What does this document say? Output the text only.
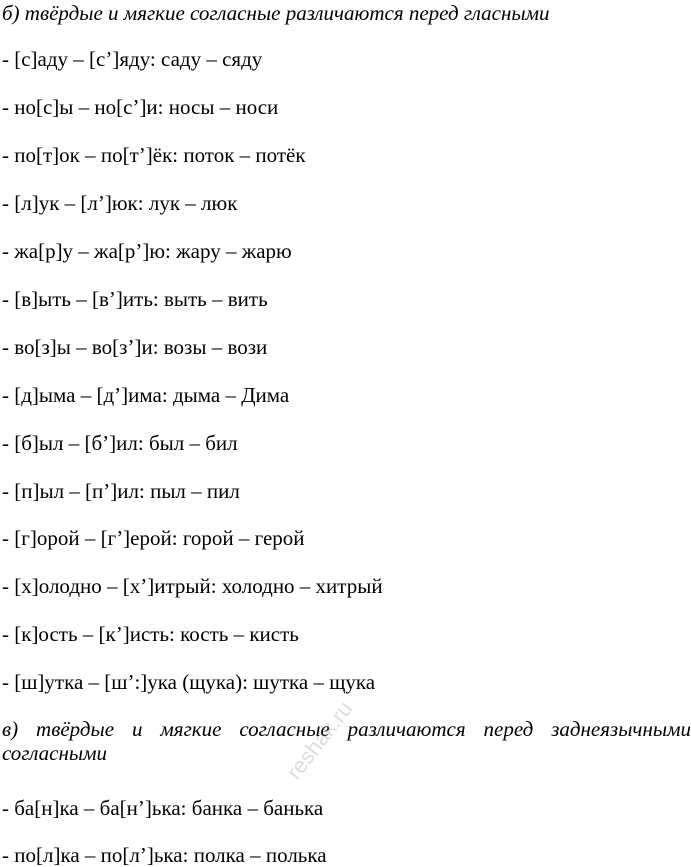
б) твёрдые и мягкие согласные различаются перед гласными
- [с]аду – [с’]яду: саду – сяду
- но[с]ы – но[с’]и: носы – носи
- по[т]ок – по[т’]ёк: поток – потёк
- [л]ук – [л’]юк: лук – люк
- жа[р]у – жа[р’]ю: жару – жарю
- [в]ыть – [в’]ить: выть – вить
- во[з]ы – во[з’]и: возы – вози
- [д]ыма – [д’]има: дыма – Дима
- [б]ыл – [б’]ил: был – бил
- [п]ыл – [п’]ил: пыл – пил
- [г]орой – [г’]ерой: горой – герой
- [х]олодно – [х’]итрый: холодно – хитрый
- [к]ость – [к’]исть: кость – кисть
- [ш]утка – [ш’:]ука (щука): шутка – щука
в) твёрдые и мягкие согласные различаются перед заднеязычными согласными
- ба[н]ка – ба[н’]ька: банка – банька
- по[л]ка – по[л’]ька: полка – полька
reshak.ru
